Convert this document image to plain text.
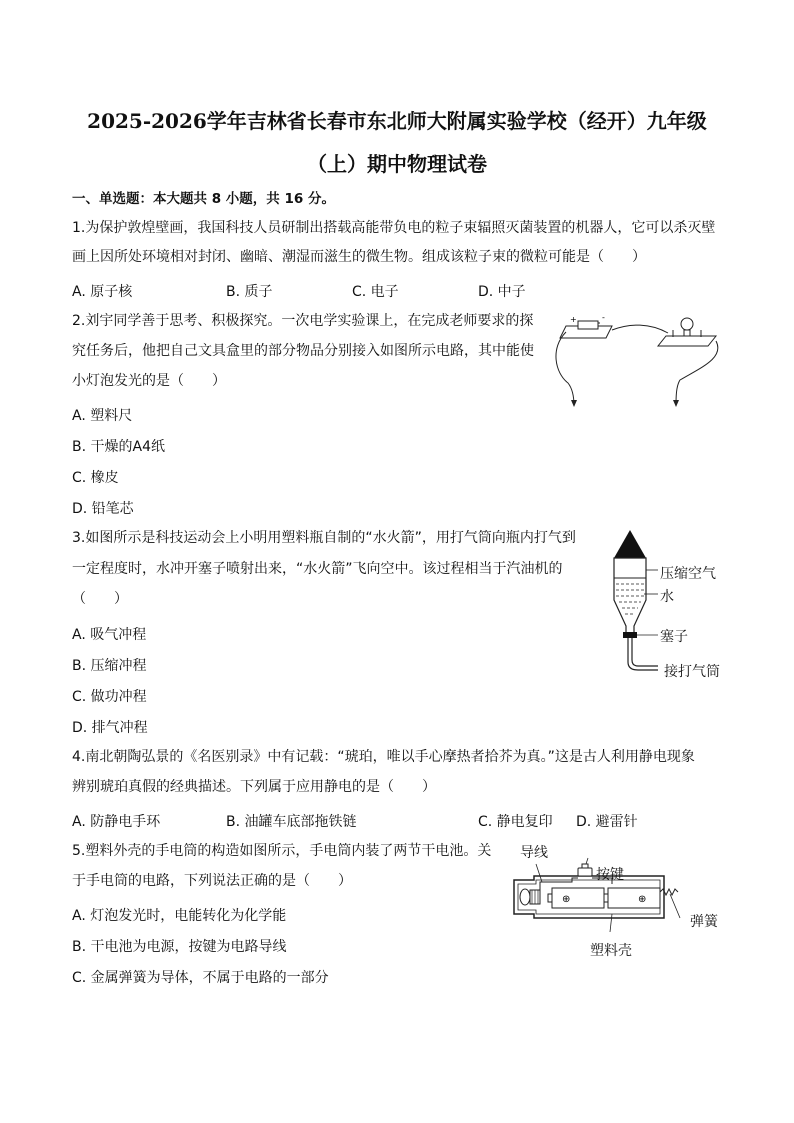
2025-2026学年吉林省长春市东北师大附属实验学校（经开）九年级
（上）期中物理试卷
一、单选题：本大题共 8 小题，共 16 分。
1.为保护敦煌壁画，我国科技人员研制出搭载高能带负电的粒子束辐照灭菌装置的机器人，它可以杀灭壁
画上因所处环境相对封闭、幽暗、潮湿而滋生的微生物。组成该粒子束的微粒可能是（　　）
A. 原子核	B. 质子	C. 电子	D. 中子
2.刘宇同学善于思考、积极探究。一次电学实验课上，在完成老师要求的探
究任务后，他把自己文具盒里的部分物品分别接入如图所示电路，其中能使
小灯泡发光的是（　　）
A. 塑料尺
B. 干燥的A4纸
C. 橡皮
D. 铅笔芯
+	-
3.如图所示是科技运动会上小明用塑料瓶自制的“水火箭”，用打气筒向瓶内打气到
一定程度时，水冲开塞子喷射出来，“水火箭”飞向空中。该过程相当于汽油机的
（　　）
A. 吸气冲程
B. 压缩冲程
C. 做功冲程
D. 排气冲程
压缩空气
水
塞子
接打气筒
4.南北朝陶弘景的《名医别录》中有记载：“琥珀，唯以手心摩热者拾芥为真。”这是古人利用静电现象
辨别琥珀真假的经典描述。下列属于应用静电的是（　　）
A. 防静电手环	B. 油罐车底部拖铁链	C. 静电复印 D. 避雷针
5.塑料外壳的手电筒的构造如图所示，手电筒内装了两节干电池。关
于手电筒的电路，下列说法正确的是（　　）
A. 灯泡发光时，电能转化为化学能
B. 干电池为电源，按键为电路导线
C. 金属弹簧为导体，不属于电路的一部分
⊕	⊕
导线
按键
弹簧
塑料壳
